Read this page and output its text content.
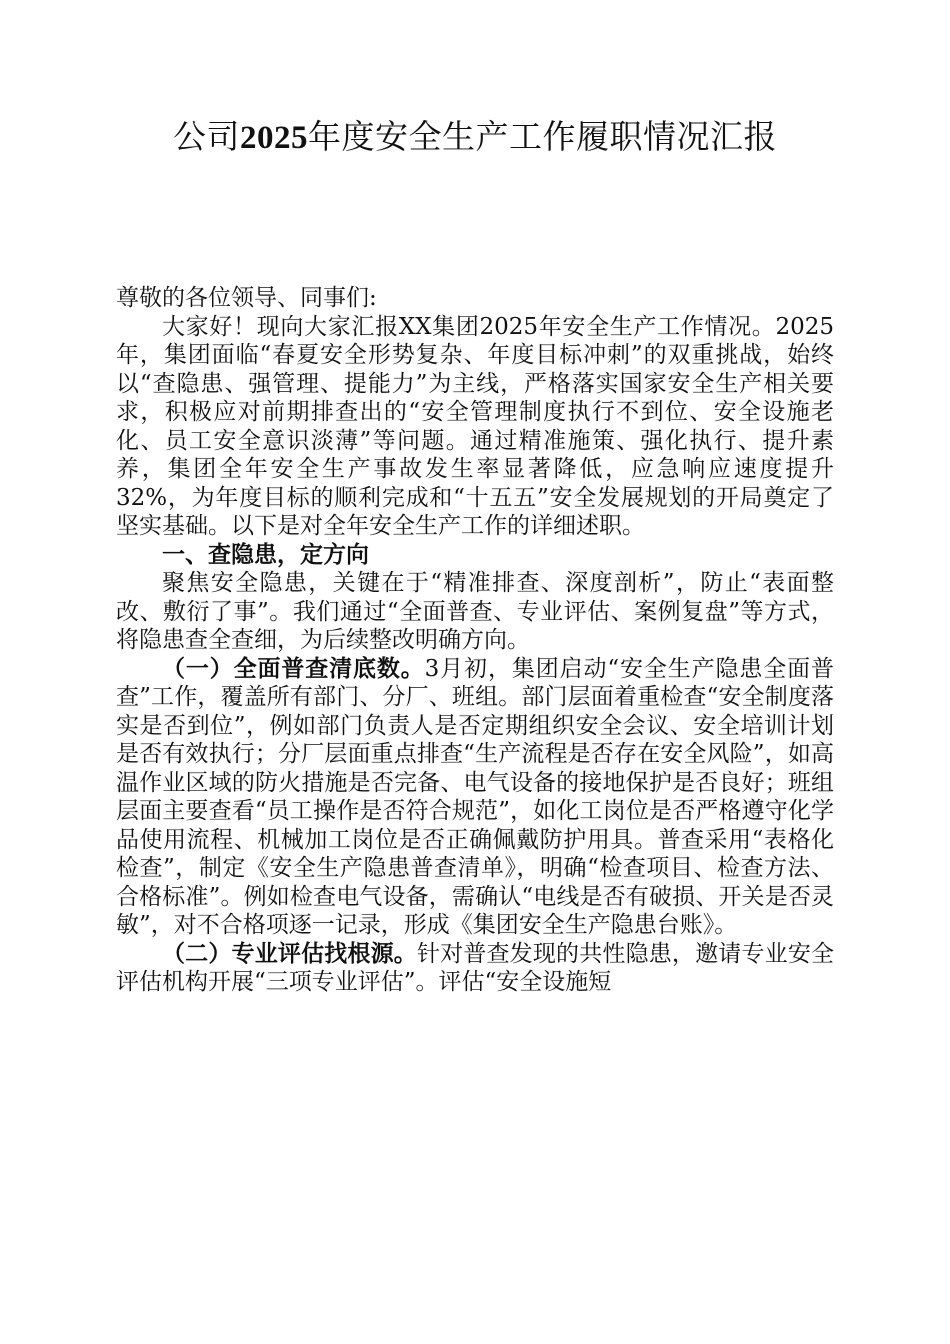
公司2025年度安全生产工作履职情况汇报

尊敬的各位领导、同事们:

大家好！现向大家汇报XX集团2025年安全生产工作情况。2025年，集团面临“春夏安全形势复杂、年度目标冲刺”的双重挑战，始终以“查隐患、强管理、提能力”为主线，严格落实国家安全生产相关要求，积极应对前期排查出的“安全管理制度执行不到位、安全设施老化、员工安全意识淡薄”等问题。通过精准施策、强化执行、提升素养，集团全年安全生产事故发生率显著降低，应急响应速度提升32%，为年度目标的顺利完成和“十五五”安全发展规划的开局奠定了坚实基础。以下是对全年安全生产工作的详细述职。

一、查隐患，定方向

聚焦安全隐患，关键在于“精准排查、深度剖析”，防止“表面整改、敷衍了事”。我们通过“全面普查、专业评估、案例复盘”等方式，将隐患查全查细，为后续整改明确方向。

（一）全面普查清底数。3月初，集团启动“安全生产隐患全面普查”工作，覆盖所有部门、分厂、班组。部门层面着重检查“安全制度落实是否到位”，例如部门负责人是否定期组织安全会议、安全培训计划是否有效执行；分厂层面重点排查“生产流程是否存在安全风险”，如高温作业区域的防火措施是否完备、电气设备的接地保护是否良好；班组层面主要查看“员工操作是否符合规范”，如化工岗位是否严格遵守化学品使用流程、机械加工岗位是否正确佩戴防护用具。普查采用“表格化检查”，制定《安全生产隐患普查清单》，明确“检查项目、检查方法、合格标准”。例如检查电气设备，需确认“电线是否有破损、开关是否灵敏”，对不合格项逐一记录，形成《集团安全生产隐患台账》。

（二）专业评估找根源。针对普查发现的共性隐患，邀请专业安全评估机构开展“三项专业评估”。评估“安全设施短
